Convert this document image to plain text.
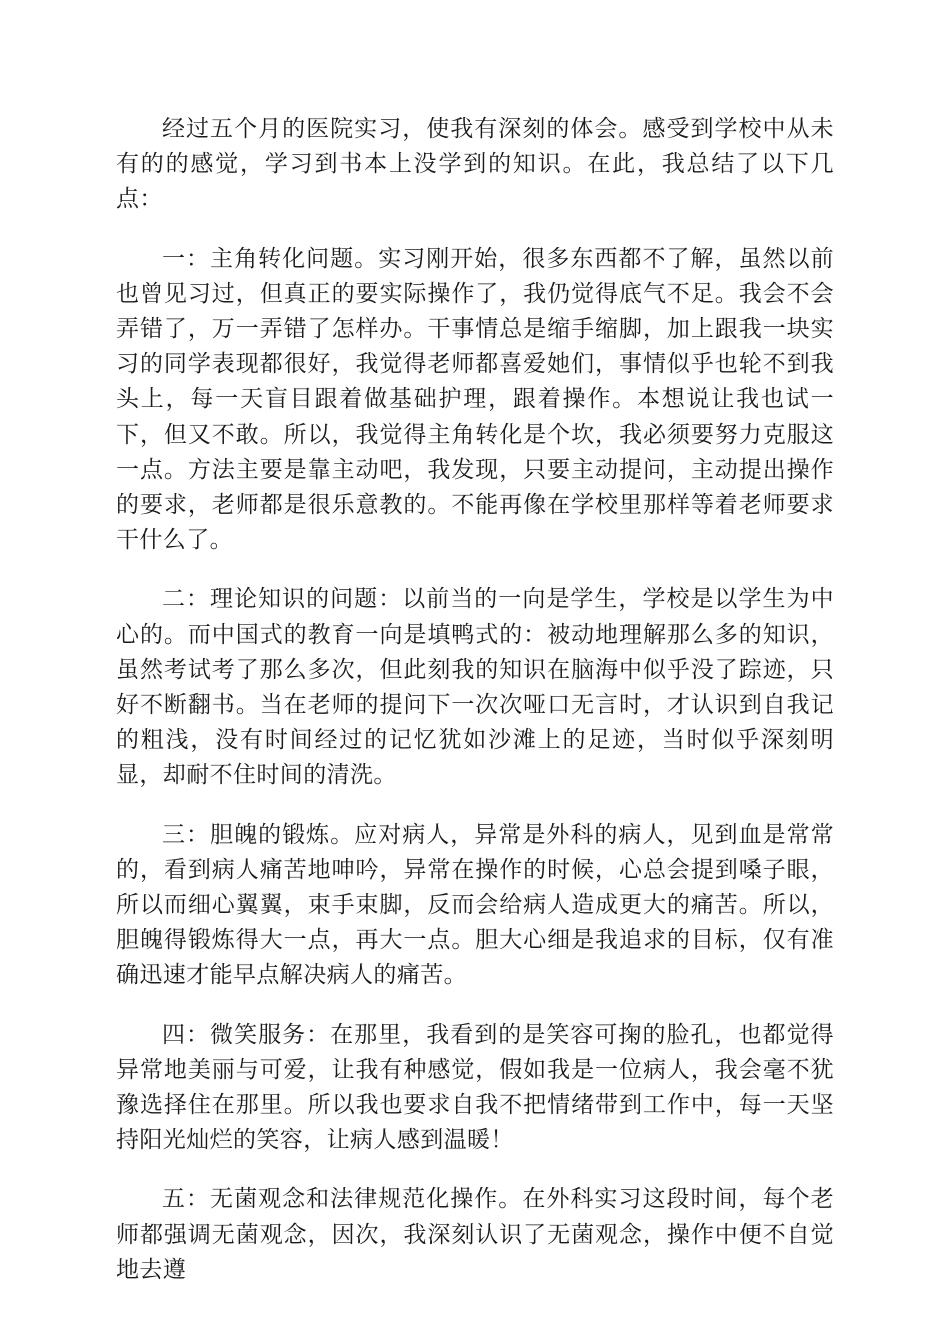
经过五个月的医院实习，使我有深刻的体会。感受到学校中从未有的的感觉，学习到书本上没学到的知识。在此，我总结了以下几点：

一：主角转化问题。实习刚开始，很多东西都不了解，虽然以前也曾见习过，但真正的要实际操作了，我仍觉得底气不足。我会不会弄错了，万一弄错了怎样办。干事情总是缩手缩脚，加上跟我一块实习的同学表现都很好，我觉得老师都喜爱她们，事情似乎也轮不到我头上，每一天盲目跟着做基础护理，跟着操作。本想说让我也试一下，但又不敢。所以，我觉得主角转化是个坎，我必须要努力克服这一点。方法主要是靠主动吧，我发现，只要主动提问，主动提出操作的要求，老师都是很乐意教的。不能再像在学校里那样等着老师要求干什么了。

二：理论知识的问题：以前当的一向是学生，学校是以学生为中心的。而中国式的教育一向是填鸭式的：被动地理解那么多的知识，虽然考试考了那么多次，但此刻我的知识在脑海中似乎没了踪迹，只好不断翻书。当在老师的提问下一次次哑口无言时，才认识到自我记的粗浅，没有时间经过的记忆犹如沙滩上的足迹，当时似乎深刻明显，却耐不住时间的清洗。

三：胆魄的锻炼。应对病人，异常是外科的病人，见到血是常常的，看到病人痛苦地呻吟，异常在操作的时候，心总会提到嗓子眼，所以而细心翼翼，束手束脚，反而会给病人造成更大的痛苦。所以，胆魄得锻炼得大一点，再大一点。胆大心细是我追求的目标，仅有准确迅速才能早点解决病人的痛苦。

四：微笑服务：在那里，我看到的是笑容可掬的脸孔，也都觉得异常地美丽与可爱，让我有种感觉，假如我是一位病人，我会毫不犹豫选择住在那里。所以我也要求自我不把情绪带到工作中，每一天坚持阳光灿烂的笑容，让病人感到温暖！

五：无菌观念和法律规范化操作。在外科实习这段时间，每个老师都强调无菌观念，因次，我深刻认识了无菌观念，操作中便不自觉地去遵
